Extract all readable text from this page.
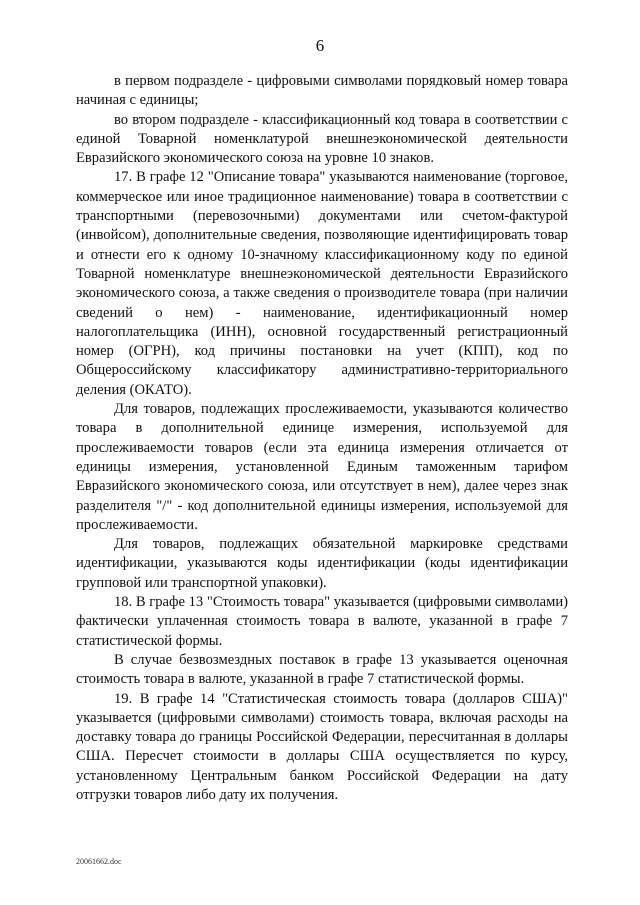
6

в первом подразделе - цифровыми символами порядковый номер товара начиная с единицы;

во втором подразделе - классификационный код товара в соответствии с единой Товарной номенклатурой внешнеэкономической деятельности Евразийского экономического союза на уровне 10 знаков.

17. В графе 12 "Описание товара" указываются наименование (торговое, коммерческое или иное традиционное наименование) товара в соответствии с транспортными (перевозочными) документами или счетом-фактурой (инвойсом), дополнительные сведения, позволяющие идентифицировать товар и отнести его к одному 10-значному классификационному коду по единой Товарной номенклатуре внешнеэкономической деятельности Евразийского экономического союза, а также сведения о производителе товара (при наличии сведений о нем) - наименование, идентификационный номер налогоплательщика (ИНН), основной государственный регистрационный номер (ОГРН), код причины постановки на учет (КПП), код по Общероссийскому классификатору административно-территориального деления (ОКАТО).

Для товаров, подлежащих прослеживаемости, указываются количество товара в дополнительной единице измерения, используемой для прослеживаемости товаров (если эта единица измерения отличается от единицы измерения, установленной Единым таможенным тарифом Евразийского экономического союза, или отсутствует в нем), далее через знак разделителя "/" - код дополнительной единицы измерения, используемой для прослеживаемости.

Для товаров, подлежащих обязательной маркировке средствами идентификации, указываются коды идентификации (коды идентификации групповой или транспортной упаковки).

18. В графе 13 "Стоимость товара" указывается (цифровыми символами) фактически уплаченная стоимость товара в валюте, указанной в графе 7 статистической формы.

В случае безвозмездных поставок в графе 13 указывается оценочная стоимость товара в валюте, указанной в графе 7 статистической формы.

19. В графе 14 "Статистическая стоимость товара (долларов США)" указывается (цифровыми символами) стоимость товара, включая расходы на доставку товара до границы Российской Федерации, пересчитанная в доллары США. Пересчет стоимости в доллары США осуществляется по курсу, установленному Центральным банком Российской Федерации на дату отгрузки товаров либо дату их получения.

20061662.doc
